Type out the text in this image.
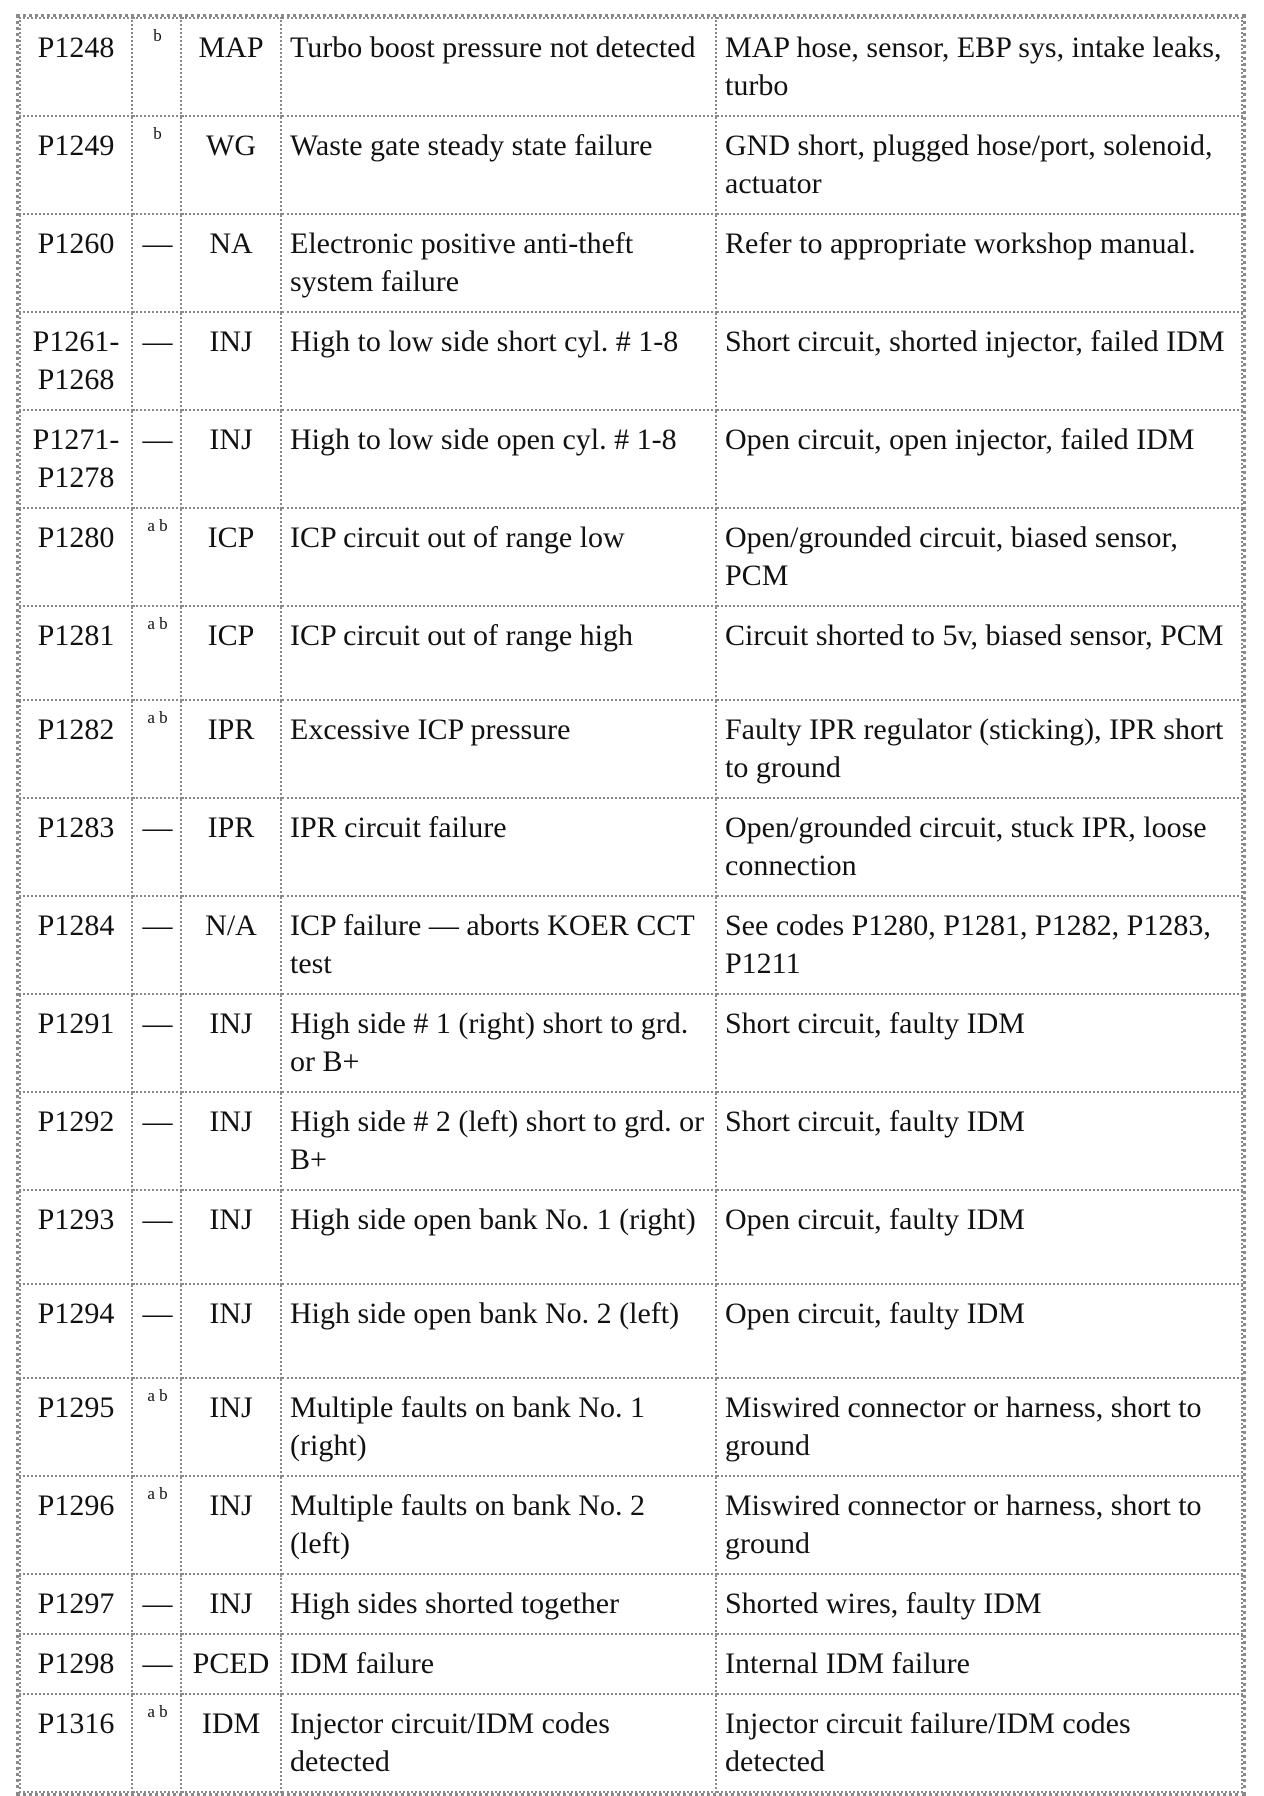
P1248	b	MAP	Turbo boost pressure not detected	MAP hose, sensor, EBP sys, intake leaks, turbo
P1249	b	WG	Waste gate steady state failure	GND short, plugged hose/port, solenoid, actuator
P1260	—	NA	Electronic positive anti-theft system failure	Refer to appropriate workshop manual.
P1261-P1268	—	INJ	High to low side short cyl. # 1-8	Short circuit, shorted injector, failed IDM
P1271-P1278	—	INJ	High to low side open cyl. # 1-8	Open circuit, open injector, failed IDM
P1280	a b	ICP	ICP circuit out of range low	Open/grounded circuit, biased sensor, PCM
P1281	a b	ICP	ICP circuit out of range high	Circuit shorted to 5v, biased sensor, PCM
P1282	a b	IPR	Excessive ICP pressure	Faulty IPR regulator (sticking), IPR short to ground
P1283	—	IPR	IPR circuit failure	Open/grounded circuit, stuck IPR, loose connection
P1284	—	N/A	ICP failure — aborts KOER CCT test	See codes P1280, P1281, P1282, P1283, P1211
P1291	—	INJ	High side # 1 (right) short to grd. or B+	Short circuit, faulty IDM
P1292	—	INJ	High side # 2 (left) short to grd. or B+	Short circuit, faulty IDM
P1293	—	INJ	High side open bank No. 1 (right)	Open circuit, faulty IDM
P1294	—	INJ	High side open bank No. 2 (left)	Open circuit, faulty IDM
P1295	a b	INJ	Multiple faults on bank No. 1 (right)	Miswired connector or harness, short to ground
P1296	a b	INJ	Multiple faults on bank No. 2 (left)	Miswired connector or harness, short to ground
P1297	—	INJ	High sides shorted together	Shorted wires, faulty IDM
P1298	—	PCED	IDM failure	Internal IDM failure
P1316	a b	IDM	Injector circuit/IDM codes detected	Injector circuit failure/IDM codes detected
